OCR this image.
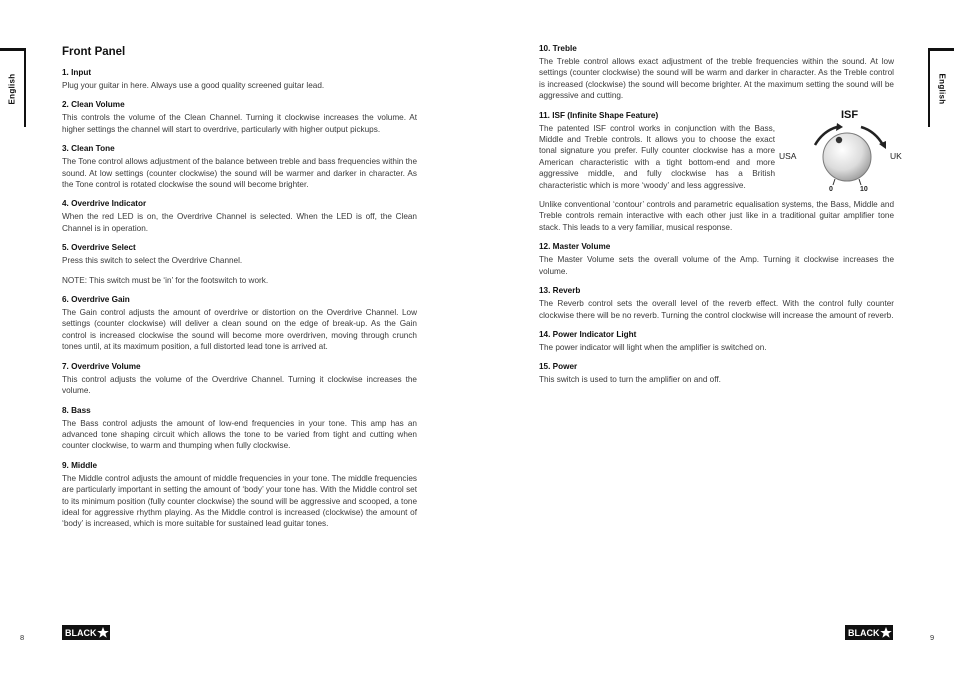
English
Front Panel
1. Input

Plug your guitar in here. Always use a good quality screened guitar lead.

2. Clean Volume

This controls the volume of the Clean Channel. Turning it clockwise increases the volume. At higher settings the channel will start to overdrive, particularly with higher output pickups.

3. Clean Tone

The Tone control allows adjustment of the balance between treble and bass frequencies within the sound. At low settings (counter clockwise) the sound will be warmer and darker in character. As the Tone control is rotated clockwise the sound will become brighter.

4. Overdrive Indicator

When the red LED is on, the Overdrive Channel is selected. When the LED is off, the Clean Channel is in operation.

5. Overdrive Select

Press this switch to select the Overdrive Channel.

NOTE: This switch must be ‘in’ for the footswitch to work.

6. Overdrive Gain

The Gain control adjusts the amount of overdrive or distortion on the Overdrive Channel. Low settings (counter clockwise) will deliver a clean sound on the edge of break-up. As the Gain control is increased clockwise the sound will become more overdriven, moving through crunch tones until, at its maximum position, a full distorted lead tone is arrived at.

7. Overdrive Volume

This control adjusts the volume of the Overdrive Channel. Turning it clockwise increases the volume.

8. Bass

The Bass control adjusts the amount of low-end frequencies in your tone. This amp has an advanced tone shaping circuit which allows the tone to be varied from tight and cutting when counter clockwise, to warm and thumping when fully clockwise.

9. Middle

The Middle control adjusts the amount of middle frequencies in your tone. The middle frequencies are particularly important in setting the amount of ‘body’ your tone has. With the Middle control set to its minimum position (fully counter clockwise) the sound will be aggressive and scooped, a tone ideal for aggressive rhythm playing. As the Middle control is increased (clockwise) the amount of ‘body’ is increased, which is more suitable for sustained lead guitar tones.

8	BLACK
English
10. Treble

The Treble control allows exact adjustment of the treble frequencies within the sound. At low settings (counter clockwise) the sound will be warm and darker in character. As the Treble control is increased (clockwise) the sound will become brighter. At the maximum setting the sound will be aggressive and cutting.

11. ISF (Infinite Shape Feature)

The patented ISF control works in conjunction with the Bass, Middle and Treble controls. It allows you to choose the exact tonal signature you prefer. Fully counter clockwise has a more American characteristic with a tight bottom-end and more aggressive middle, and fully clockwise has a British characteristic which is more ‘woody’ and less aggressive.

ISF
USA	UK
0	10

Unlike conventional ‘contour’ controls and parametric equalisation systems, the Bass, Middle and Treble controls remain interactive with each other just like in a traditional guitar amplifier tone stack. This leads to a very familiar, musical response.

12. Master Volume

The Master Volume sets the overall volume of the Amp. Turning it clockwise increases the volume.

13. Reverb

The Reverb control sets the overall level of the reverb effect. With the control fully counter clockwise there will be no reverb. Turning the control clockwise will increase the amount of reverb.

14. Power Indicator Light

The power indicator will light when the amplifier is switched on.

15. Power

This switch is used to turn the amplifier on and off.

BLACK	9
